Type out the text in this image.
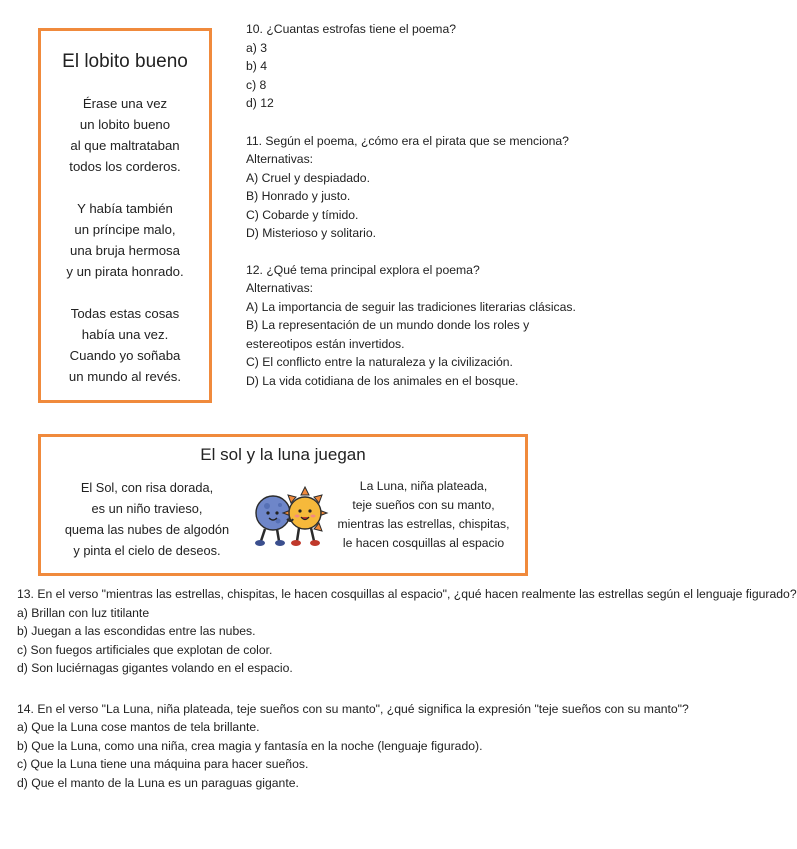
El lobito bueno
Érase una vez
un lobito bueno
al que maltrataban
todos los corderos.
Y había también
un príncipe malo,
una bruja hermosa
y un pirata honrado.
Todas estas cosas
había una vez.
Cuando yo soñaba
un mundo al revés.
10. ¿Cuantas estrofas tiene el poema?
a) 3
b) 4
c) 8
d) 12
11. Según el poema, ¿cómo era el pirata que se menciona?
Alternativas:
A) Cruel y despiadado.
B) Honrado y justo.
C) Cobarde y tímido.
D) Misterioso y solitario.
12. ¿Qué tema principal explora el poema?
Alternativas:
A) La importancia de seguir las tradiciones literarias clásicas.
B) La representación de un mundo donde los roles y estereotipos están invertidos.
C) El conflicto entre la naturaleza y la civilización.
D) La vida cotidiana de los animales en el bosque.
El sol y la luna juegan
El Sol, con risa dorada,
es un niño travieso,
quema las nubes de algodón
y pinta el cielo de deseos.
La Luna, niña plateada,
teje sueños con su manto,
mientras las estrellas, chispitas,
le hacen cosquillas al espacio
13. En el verso "mientras las estrellas, chispitas, le hacen cosquillas al espacio", ¿qué hacen realmente las estrellas según el lenguaje figurado?
a) Brillan con luz titilante
b) Juegan a las escondidas entre las nubes.
c) Son fuegos artificiales que explotan de color.
d) Son luciérnagas gigantes volando en el espacio.
14. En el verso "La Luna, niña plateada, teje sueños con su manto", ¿qué significa la expresión "teje sueños con su manto"?
a) Que la Luna cose mantos de tela brillante.
b) Que la Luna, como una niña, crea magia y fantasía en la noche (lenguaje figurado).
c) Que la Luna tiene una máquina para hacer sueños.
d) Que el manto de la Luna es un paraguas gigante.
